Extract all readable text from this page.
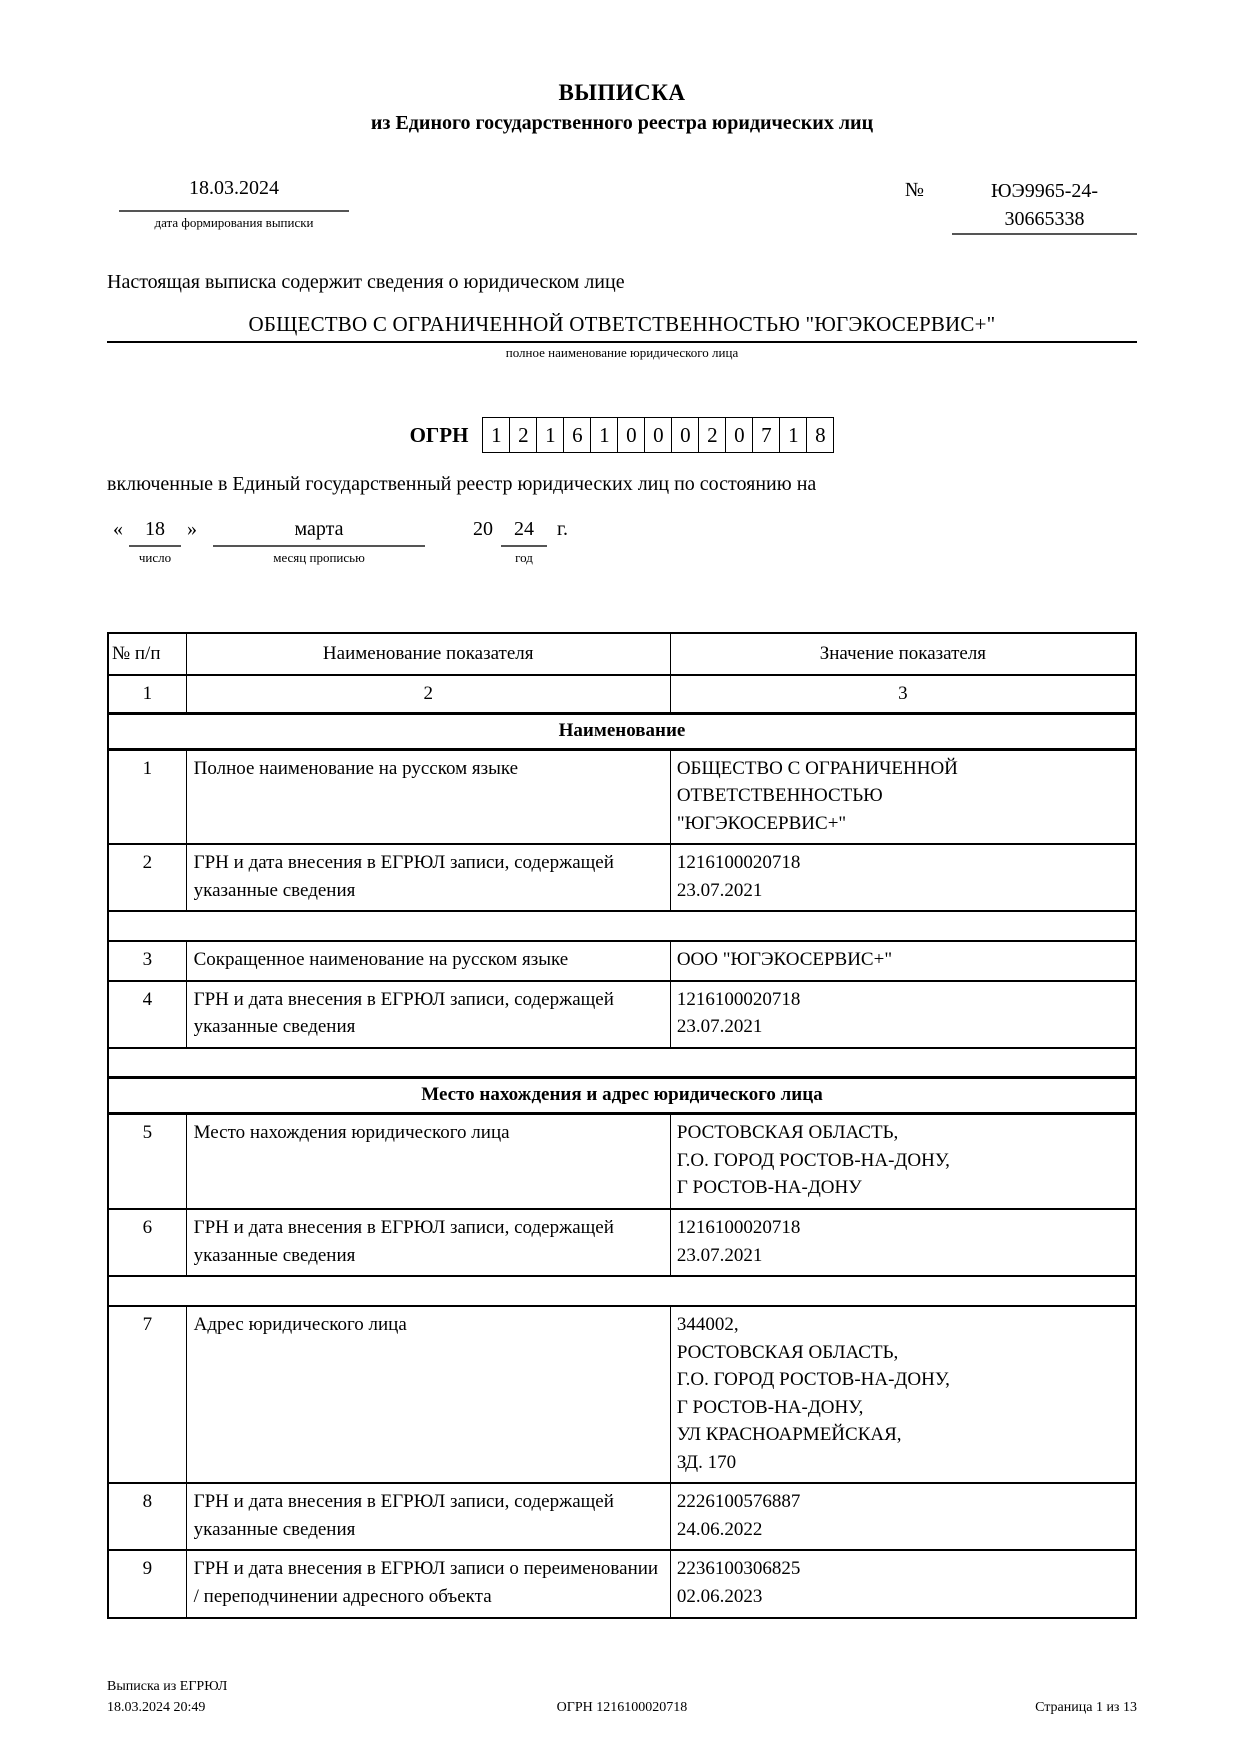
ВЫПИСКА
из Единого государственного реестра юридических лиц
18.03.2024
дата формирования выписки
№	ЮЭ9965-24-
30665338
Настоящая выписка содержит сведения о юридическом лице
ОБЩЕСТВО С ОГРАНИЧЕННОЙ ОТВЕТСТВЕННОСТЬЮ "ЮГЭКОСЕРВИС+"
полное наименование юридического лица
ОГРН	1 2 1 6 1 0 0 0 2 0 7 1 8
включенные в Единый государственный реестр юридических лиц по состоянию на
«	18
число
»	марта
месяц прописью
20	24
год
г.
№ п/п	Наименование показателя	Значение показателя
1	2	3
Наименование		
1	Полное наименование на русском языке	ОБЩЕСТВО С ОГРАНИЧЕННОЙ
ОТВЕТСТВЕННОСТЬЮ
"ЮГЭКОСЕРВИС+"

2	ГРН и дата внесения в ЕГРЮЛ записи, содержащей указанные сведения	1216100020718
23.07.2021

3	Сокращенное наименование на русском языке	ООО "ЮГЭКОСЕРВИС+"

4	ГРН и дата внесения в ЕГРЮЛ записи, содержащей указанные сведения	1216100020718
23.07.2021

Место нахождения и адрес юридического лица		
5	Место нахождения юридического лица	РОСТОВСКАЯ ОБЛАСТЬ,
Г.О. ГОРОД РОСТОВ-НА-ДОНУ,
Г РОСТОВ-НА-ДОНУ

6	ГРН и дата внесения в ЕГРЮЛ записи, содержащей указанные сведения	1216100020718
23.07.2021

7	Адрес юридического лица	344002,
РОСТОВСКАЯ ОБЛАСТЬ,
Г.О. ГОРОД РОСТОВ-НА-ДОНУ,
Г РОСТОВ-НА-ДОНУ,
УЛ КРАСНОАРМЕЙСКАЯ,
ЗД. 170

8	ГРН и дата внесения в ЕГРЮЛ записи, содержащей указанные сведения	2226100576887
24.06.2022

9	ГРН и дата внесения в ЕГРЮЛ записи о переименовании / переподчинении адресного объекта	2236100306825
02.06.2023
Выписка из ЕГРЮЛ
18.03.2024 20:49	ОГРН 1216100020718	Страница 1 из 13
